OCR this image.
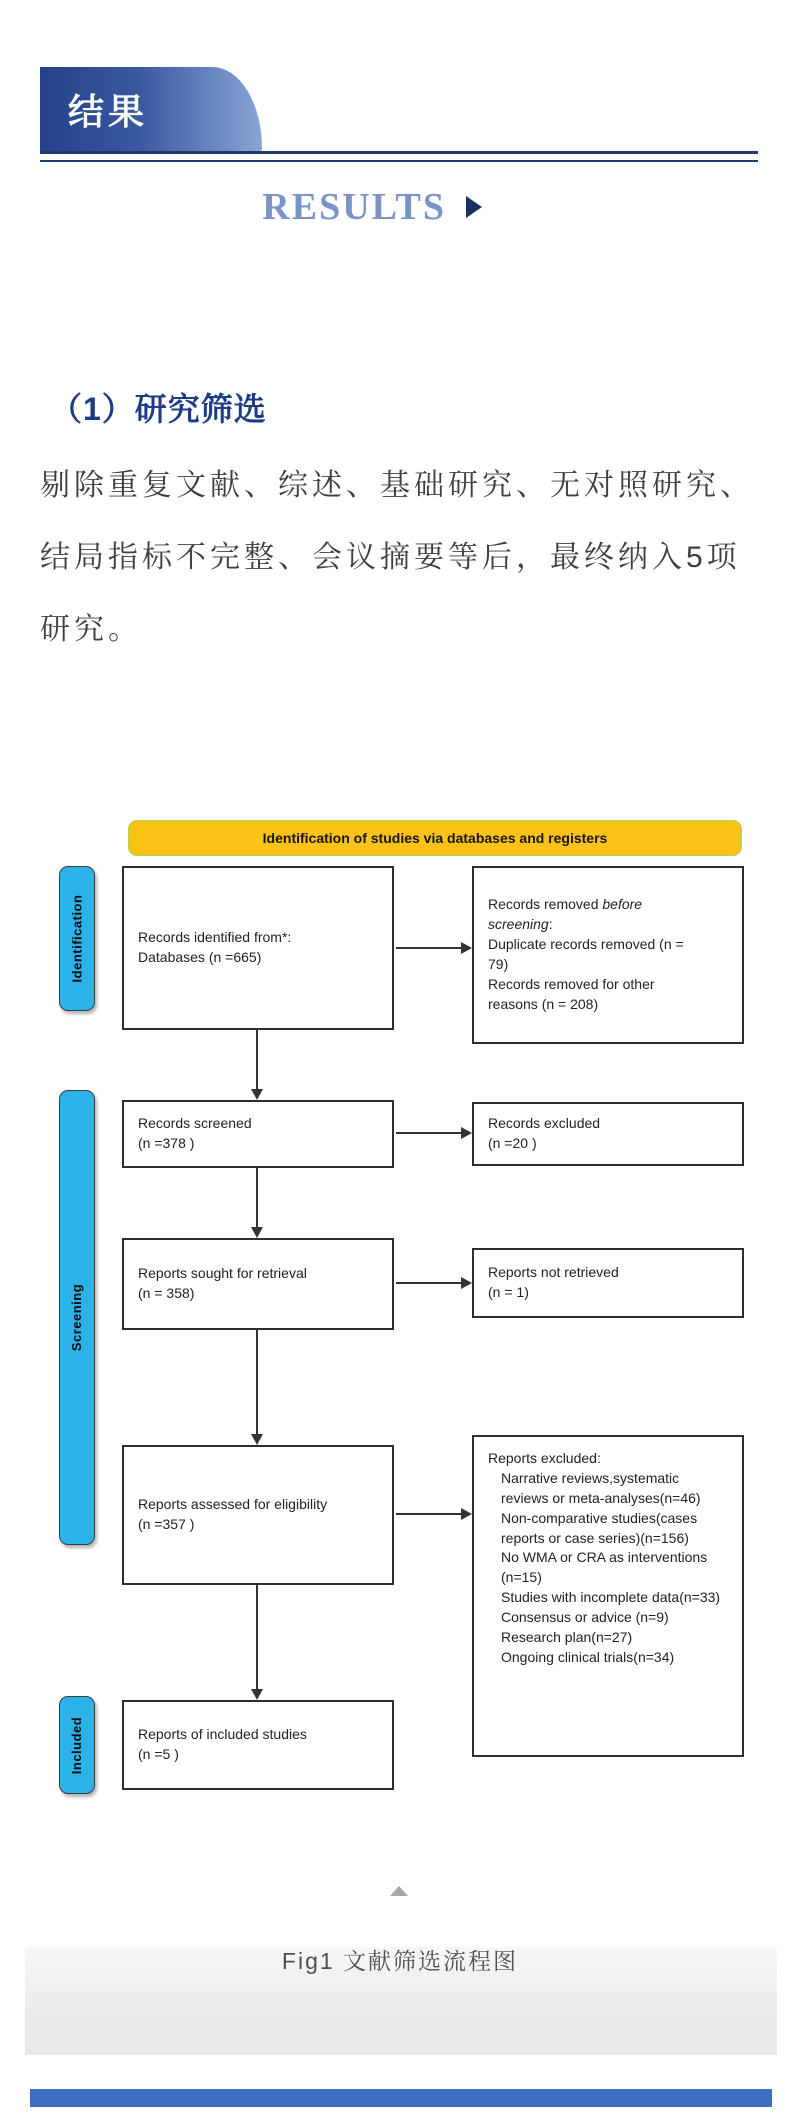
结果
RESULTS
（1）研究筛选
剔除重复文献、综述、基础研究、无对照研究、
结局指标不完整、会议摘要等后，最终纳入5项
研究。
Identification of studies via databases and registers
Identification
Screening
Included
Records identified from*:
Databases (n =665)
Records screened
(n =378 )
Reports sought for retrieval
(n = 358)
Reports assessed for eligibility
(n =357 )
Reports of included studies
(n =5 )
Records removed before
screening:
Duplicate records removed (n =
79)
Records removed for other
reasons (n = 208)
Records excluded
(n =20 )
Reports not retrieved
(n = 1)
Reports excluded:
Narrative reviews,systematic reviews or meta-analyses(n=46)
Non-comparative studies(cases reports or case series)(n=156)
No WMA or CRA as interventions (n=15)
Studies with incomplete data(n=33)
Consensus or advice (n=9)
Research plan(n=27)
Ongoing clinical trials(n=34)
Fig1 文献筛选流程图
